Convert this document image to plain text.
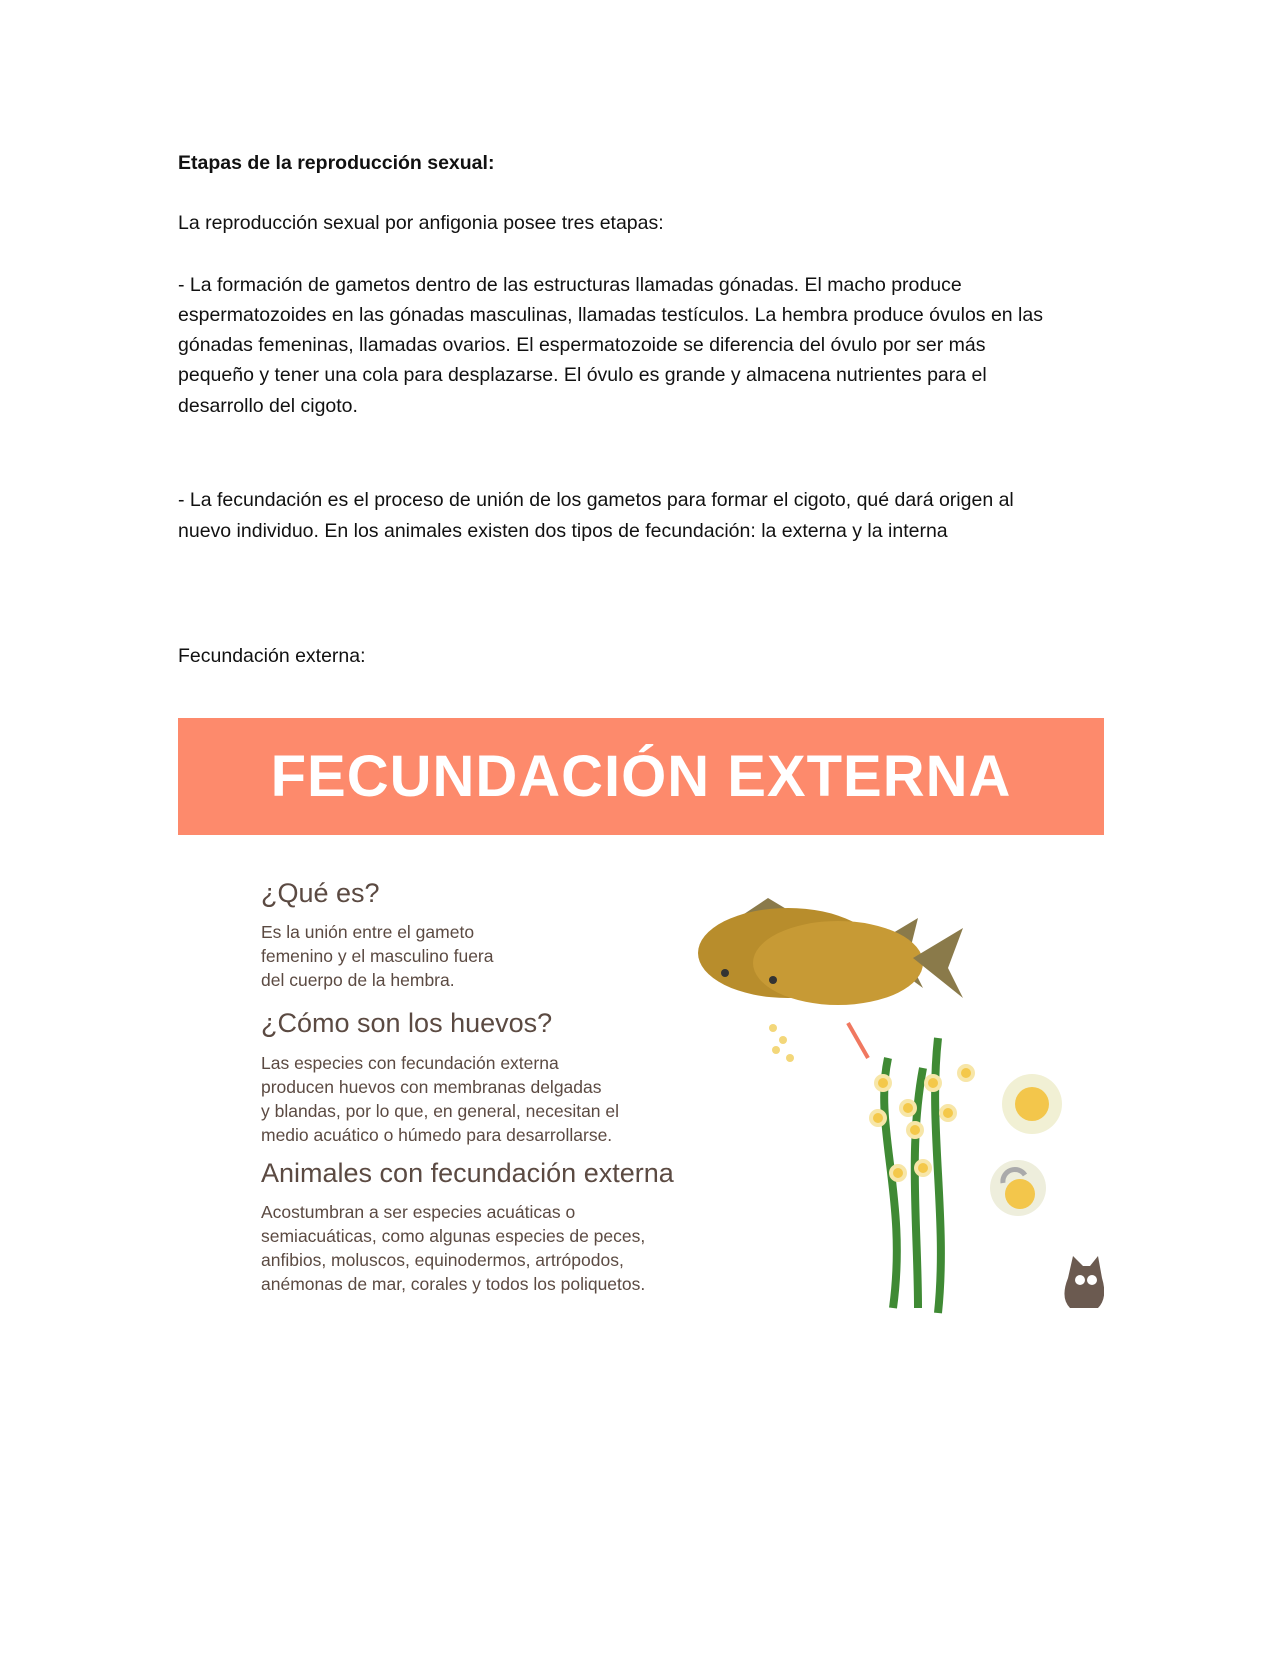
Etapas de la reproducción sexual:
La reproducción sexual por anfigonia posee tres etapas:
- La formación de gametos dentro de las estructuras llamadas gónadas. El macho produce
espermatozoides en las gónadas masculinas, llamadas testículos. La hembra produce óvulos en las
gónadas femeninas, llamadas ovarios. El espermatozoide se diferencia del óvulo por ser más
pequeño y tener una cola para desplazarse. El óvulo es grande y almacena nutrientes para el
desarrollo del cigoto.
- La fecundación es el proceso de unión de los gametos para formar el cigoto, qué dará origen al
nuevo individuo. En los animales existen dos tipos de fecundación: la externa y la interna
Fecundación externa:
FECUNDACIÓN EXTERNA
¿Qué es?
Es la unión entre el gameto
femenino y el masculino fuera
del cuerpo de la hembra.
¿Cómo son los huevos?
Las especies con fecundación externa
producen huevos con membranas delgadas
y blandas, por lo que, en general, necesitan el
medio acuático o húmedo para desarrollarse.
Animales con fecundación externa
Acostumbran a ser especies acuáticas o
semiacuáticas, como algunas especies de peces,
anfibios, moluscos, equinodermos, artrópodos,
anémonas de mar, corales y todos los poliquetos.
